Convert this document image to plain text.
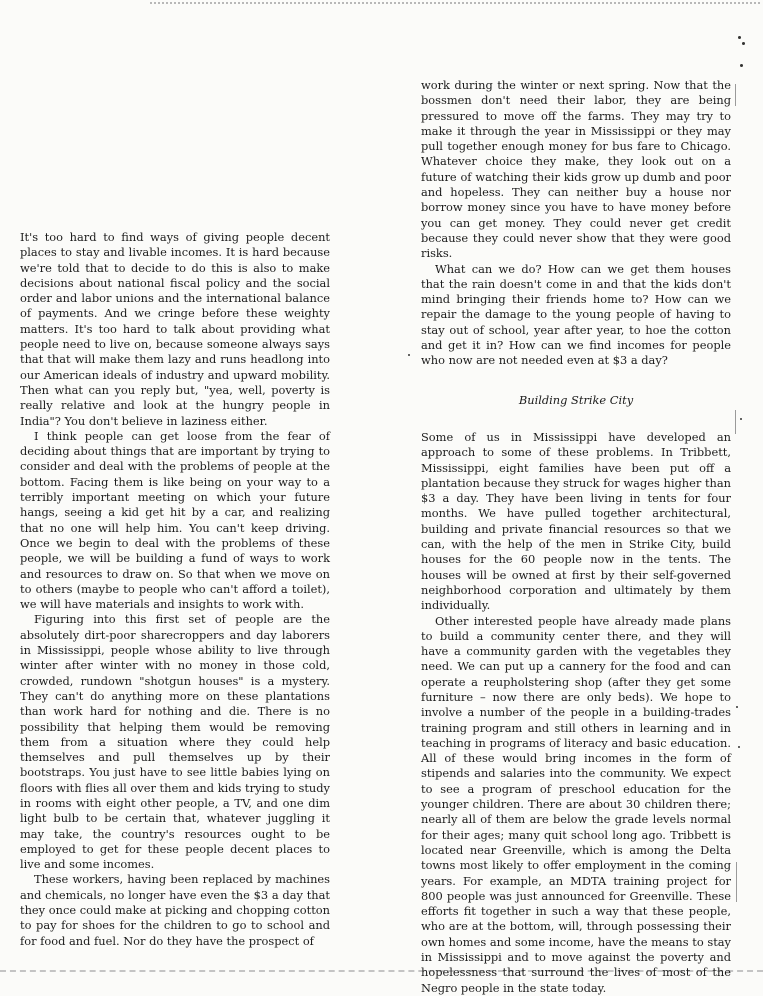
It's too hard to find ways of giving people decent places to stay and livable incomes. It is hard because we're told that to decide to do this is also to make decisions about national fiscal policy and the social order and labor unions and the international balance of payments. And we cringe before these weighty matters. It's too hard to talk about providing what people need to live on, because someone always says that that will make them lazy and runs headlong into our American ideals of industry and upward mobility. Then what can you reply but, "yea, well, poverty is really relative and look at the hungry people in India"? You don't believe in laziness either.

I think people can get loose from the fear of deciding about things that are important by trying to consider and deal with the problems of people at the bottom. Facing them is like being on your way to a terribly important meeting on which your future hangs, seeing a kid get hit by a car, and realizing that no one will help him. You can't keep driving. Once we begin to deal with the problems of these people, we will be building a fund of ways to work and resources to draw on. So that when we move on to others (maybe to people who can't afford a toilet), we will have materials and insights to work with.

Figuring into this first set of people are the absolutely dirt-poor sharecroppers and day laborers in Mississippi, people whose ability to live through winter after winter with no money in those cold, crowded, rundown "shotgun houses" is a mystery. They can't do anything more on these plantations than work hard for nothing and die. There is no possibility that helping them would be removing them from a situation where they could help themselves and pull themselves up by their bootstraps. You just have to see little babies lying on floors with flies all over them and kids trying to study in rooms with eight other people, a TV, and one dim light bulb to be certain that, whatever juggling it may take, the country's resources ought to be employed to get for these people decent places to live and some incomes.

These workers, having been replaced by machines and chemicals, no longer have even the $3 a day that they once could make at picking and chopping cotton to pay for shoes for the children to go to school and for food and fuel. Nor do they have the prospect of

work during the winter or next spring. Now that the bossmen don't need their labor, they are being pressured to move off the farms. They may try to make it through the year in Mississippi or they may pull together enough money for bus fare to Chicago. Whatever choice they make, they look out on a future of watching their kids grow up dumb and poor and hopeless. They can neither buy a house nor borrow money since you have to have money before you can get money. They could never get credit because they could never show that they were good risks.

What can we do? How can we get them houses that the rain doesn't come in and that the kids don't mind bringing their friends home to? How can we repair the damage to the young people of having to stay out of school, year after year, to hoe the cotton and get it in? How can we find incomes for people who now are not needed even at $3 a day?

Building Strike City

Some of us in Mississippi have developed an approach to some of these problems. In Tribbett, Mississippi, eight families have been put off a plantation because they struck for wages higher than $3 a day. They have been living in tents for four months. We have pulled together architectural, building and private financial resources so that we can, with the help of the men in Strike City, build houses for the 60 people now in the tents. The houses will be owned at first by their self-governed neighborhood corporation and ultimately by them individually.

Other interested people have already made plans to build a community center there, and they will have a community garden with the vegetables they need. We can put up a cannery for the food and can operate a reupholstering shop (after they get some furniture – now there are only beds). We hope to involve a number of the people in a building-trades training program and still others in learning and in teaching in programs of literacy and basic education. All of these would bring incomes in the form of stipends and salaries into the community. We expect to see a program of preschool education for the younger children. There are about 30 children there; nearly all of them are below the grade levels normal for their ages; many quit school long ago. Tribbett is located near Greenville, which is among the Delta towns most likely to offer employment in the coming years. For example, an MDTA training project for 800 people was just announced for Greenville. These efforts fit together in such a way that these people, who are at the bottom, will, through possessing their own homes and some income, have the means to stay in Mississippi and to move against the poverty and hopelessness that surround the lives of most of the Negro people in the state today.
